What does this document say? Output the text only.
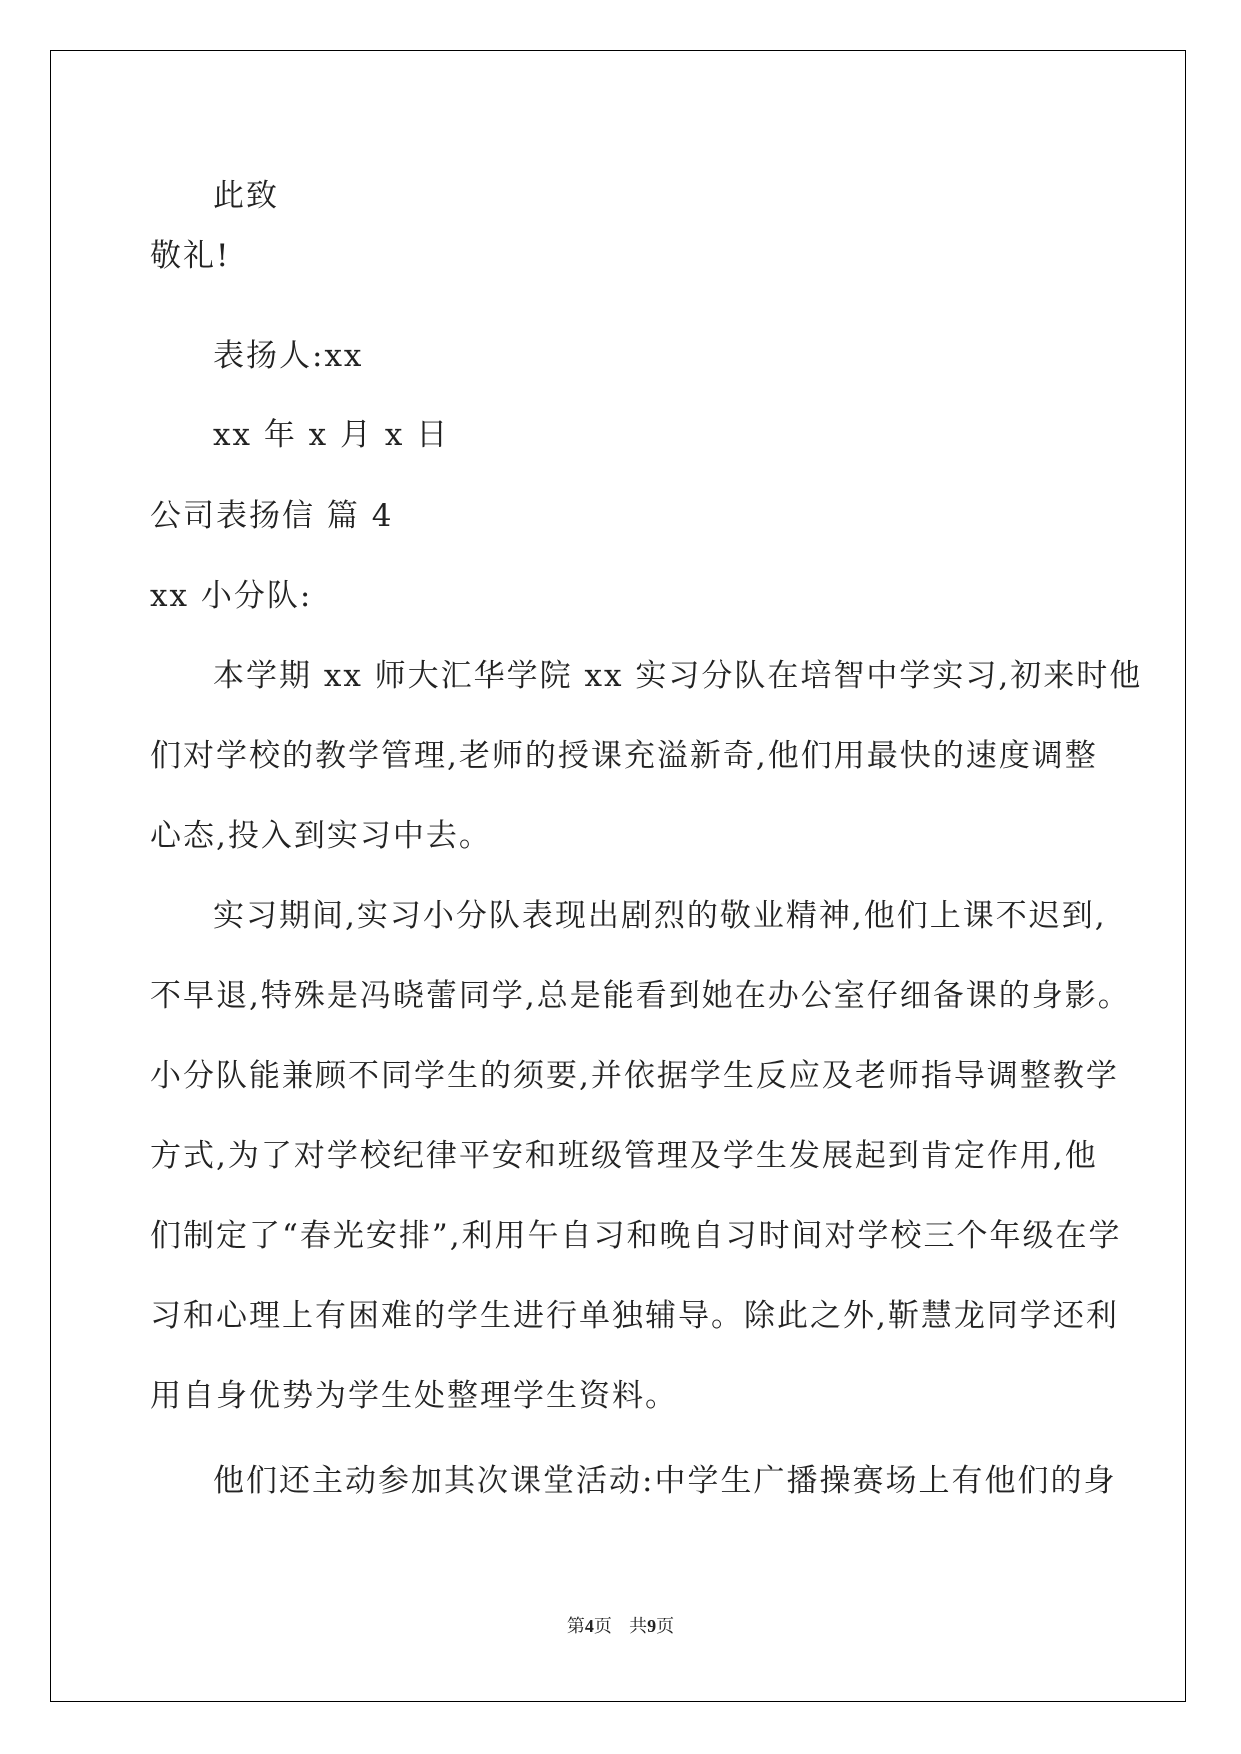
此致
敬礼!
表扬人:xx
xx 年 x 月 x 日
公司表扬信 篇 4
xx 小分队:
本学期 xx 师大汇华学院 xx 实习分队在培智中学实习,初来时他
们对学校的教学管理,老师的授课充溢新奇,他们用最快的速度调整
心态,投入到实习中去。
实习期间,实习小分队表现出剧烈的敬业精神,他们上课不迟到,
不早退,特殊是冯晓蕾同学,总是能看到她在办公室仔细备课的身影。
小分队能兼顾不同学生的须要,并依据学生反应及老师指导调整教学
方式,为了对学校纪律平安和班级管理及学生发展起到肯定作用,他
们制定了“春光安排”,利用午自习和晚自习时间对学校三个年级在学
习和心理上有困难的学生进行单独辅导。除此之外,靳慧龙同学还利
用自身优势为学生处整理学生资料。
他们还主动参加其次课堂活动:中学生广播操赛场上有他们的身
第4页   共9页
